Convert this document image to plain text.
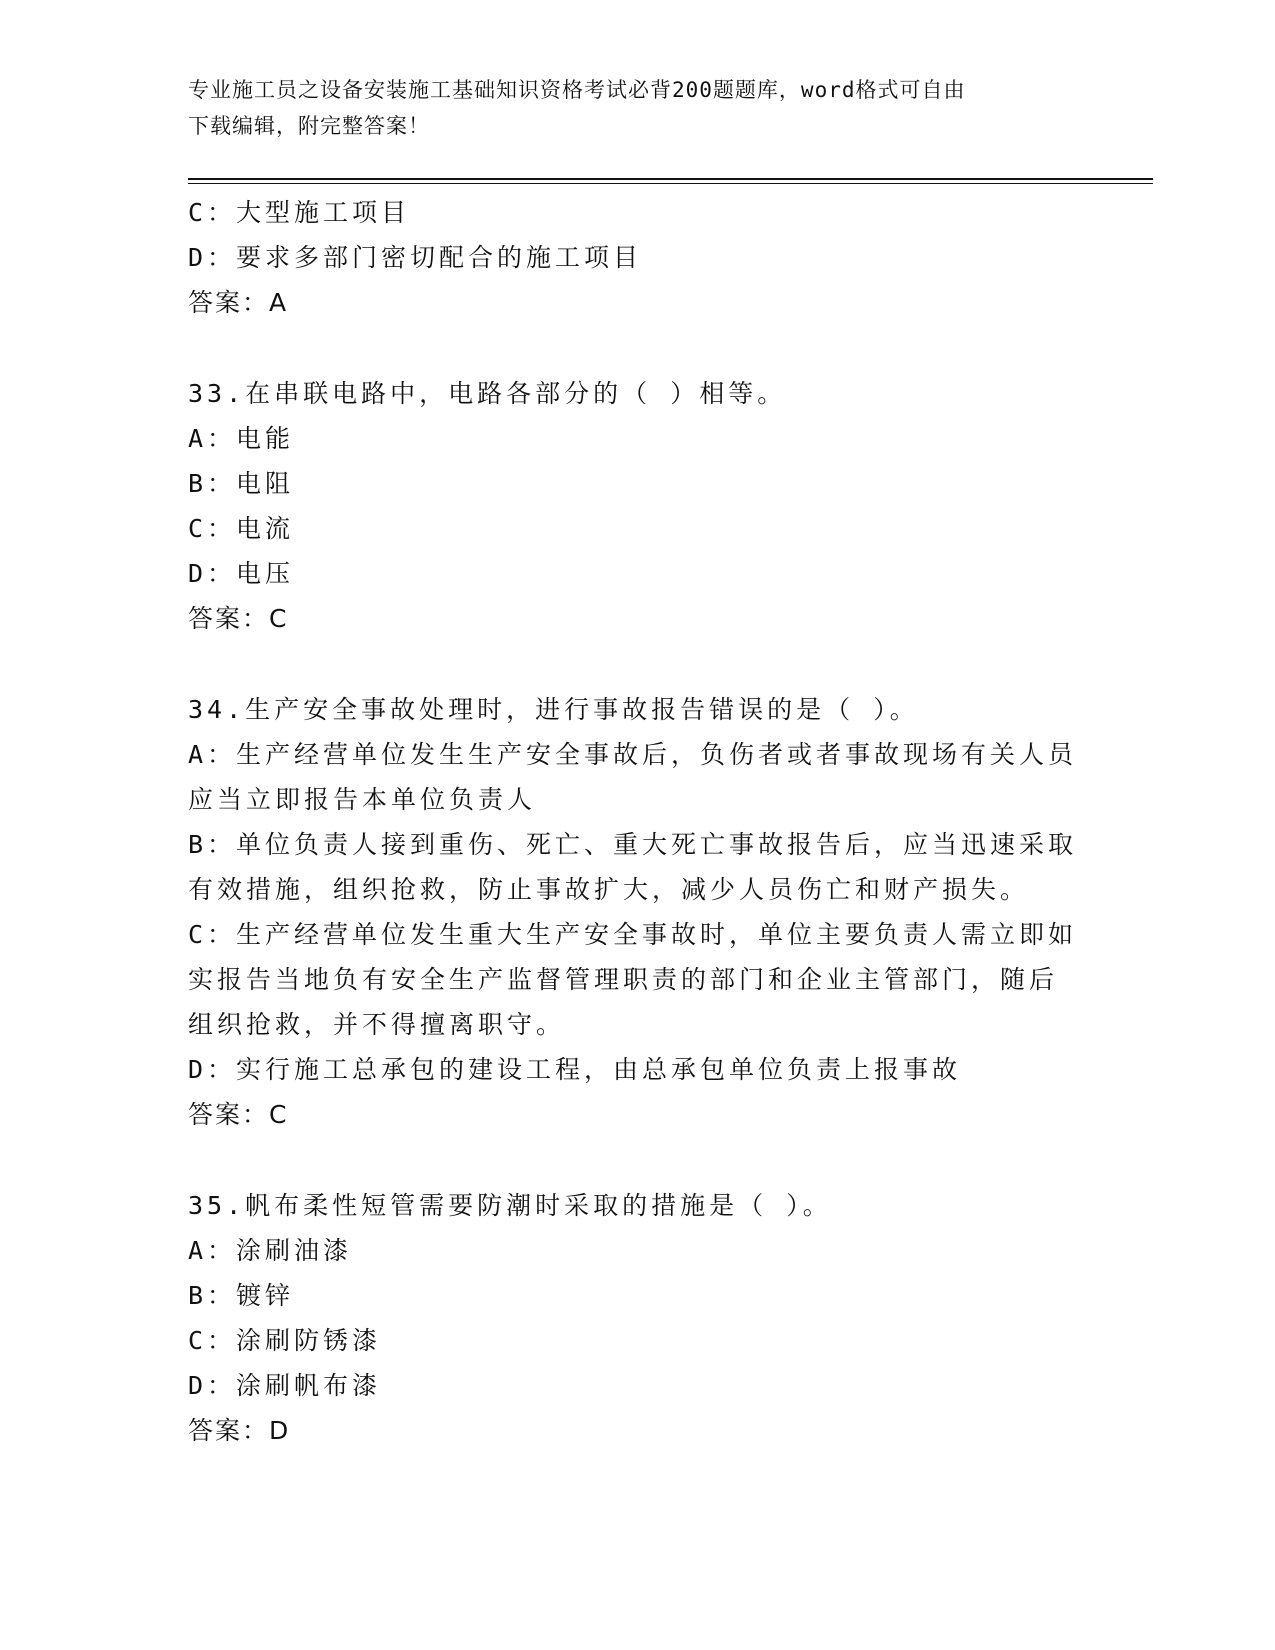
专业施工员之设备安装施工基础知识资格考试必背200题题库，word格式可自由
下载编辑，附完整答案！
C：大型施工项目
D：要求多部门密切配合的施工项目
答案：A
33.在串联电路中，电路各部分的（ ）相等。
A：电能
B：电阻
C：电流
D：电压
答案：C
34.生产安全事故处理时，进行事故报告错误的是（ ）。
A：生产经营单位发生生产安全事故后，负伤者或者事故现场有关人员
应当立即报告本单位负责人
B：单位负责人接到重伤、死亡、重大死亡事故报告后，应当迅速采取
有效措施，组织抢救，防止事故扩大，减少人员伤亡和财产损失。
C：生产经营单位发生重大生产安全事故时，单位主要负责人需立即如
实报告当地负有安全生产监督管理职责的部门和企业主管部门，随后
组织抢救，并不得擅离职守。
D：实行施工总承包的建设工程，由总承包单位负责上报事故
答案：C
35.帆布柔性短管需要防潮时采取的措施是（ ）。
A：涂刷油漆
B：镀锌
C：涂刷防锈漆
D：涂刷帆布漆
答案：D
